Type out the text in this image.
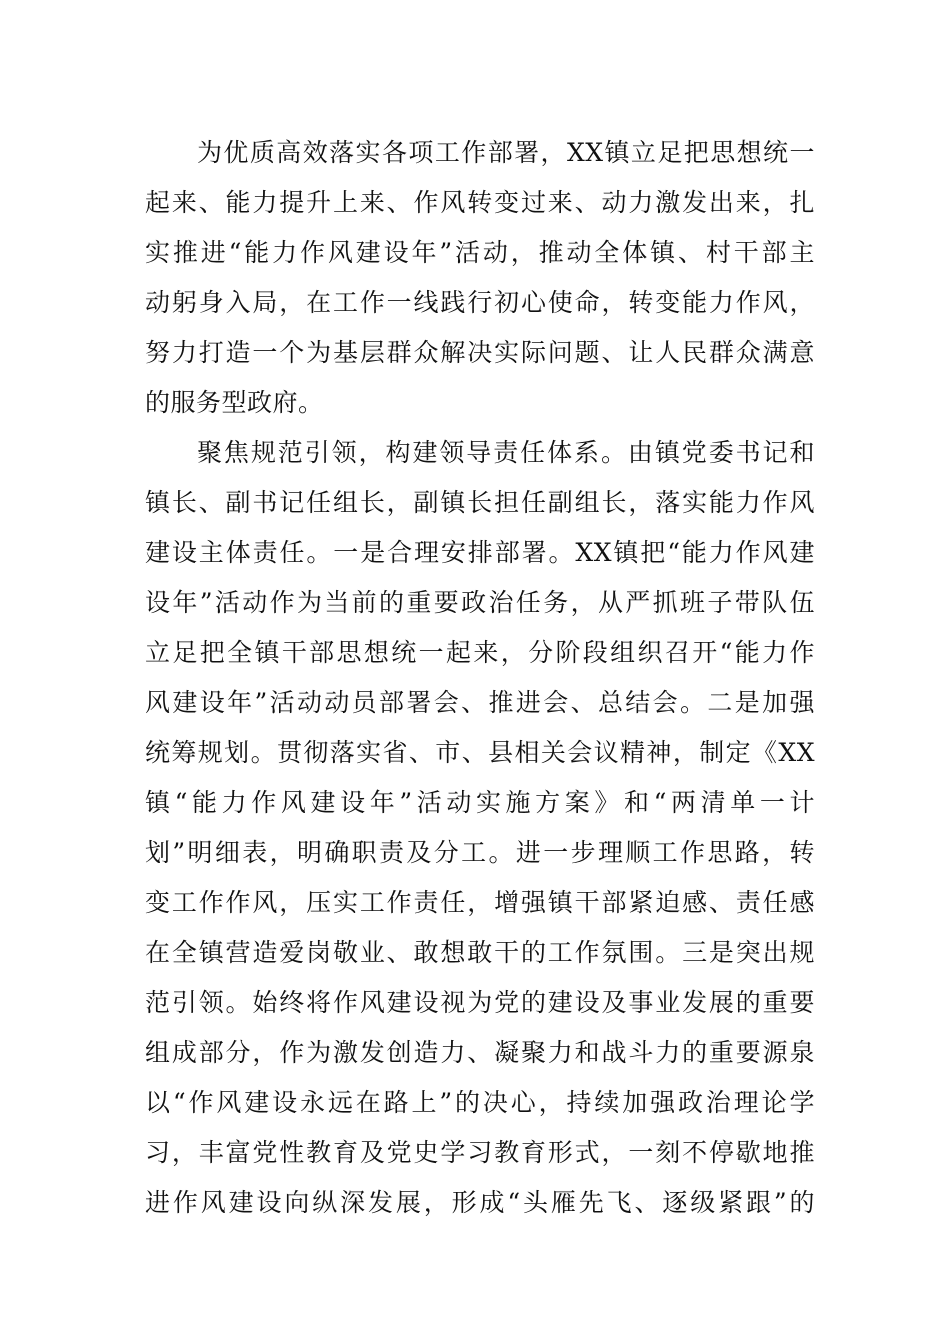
为优质高效落实各项工作部署，XX镇立足把思想统一
起来、能力提升上来、作风转变过来、动力激发出来，扎
实推进“能力作风建设年”活动，推动全体镇、村干部主
动躬身入局，在工作一线践行初心使命，转变能力作风，
努力打造一个为基层群众解决实际问题、让人民群众满意
的服务型政府。
聚焦规范引领，构建领导责任体系。由镇党委书记和
镇长、副书记任组长，副镇长担任副组长，落实能力作风
建设主体责任。一是合理安排部署。XX镇把“能力作风建
设年”活动作为当前的重要政治任务，从严抓班子带队伍
立足把全镇干部思想统一起来，分阶段组织召开“能力作
风建设年”活动动员部署会、推进会、总结会。二是加强
统筹规划。贯彻落实省、市、县相关会议精神，制定《XX
镇“能力作风建设年”活动实施方案》和“两清单一计
划”明细表，明确职责及分工。进一步理顺工作思路，转
变工作作风，压实工作责任，增强镇干部紧迫感、责任感
在全镇营造爱岗敬业、敢想敢干的工作氛围。三是突出规
范引领。始终将作风建设视为党的建设及事业发展的重要
组成部分，作为激发创造力、凝聚力和战斗力的重要源泉
以“作风建设永远在路上”的决心，持续加强政治理论学
习，丰富党性教育及党史学习教育形式，一刻不停歇地推
进作风建设向纵深发展，形成“头雁先飞、逐级紧跟”的
